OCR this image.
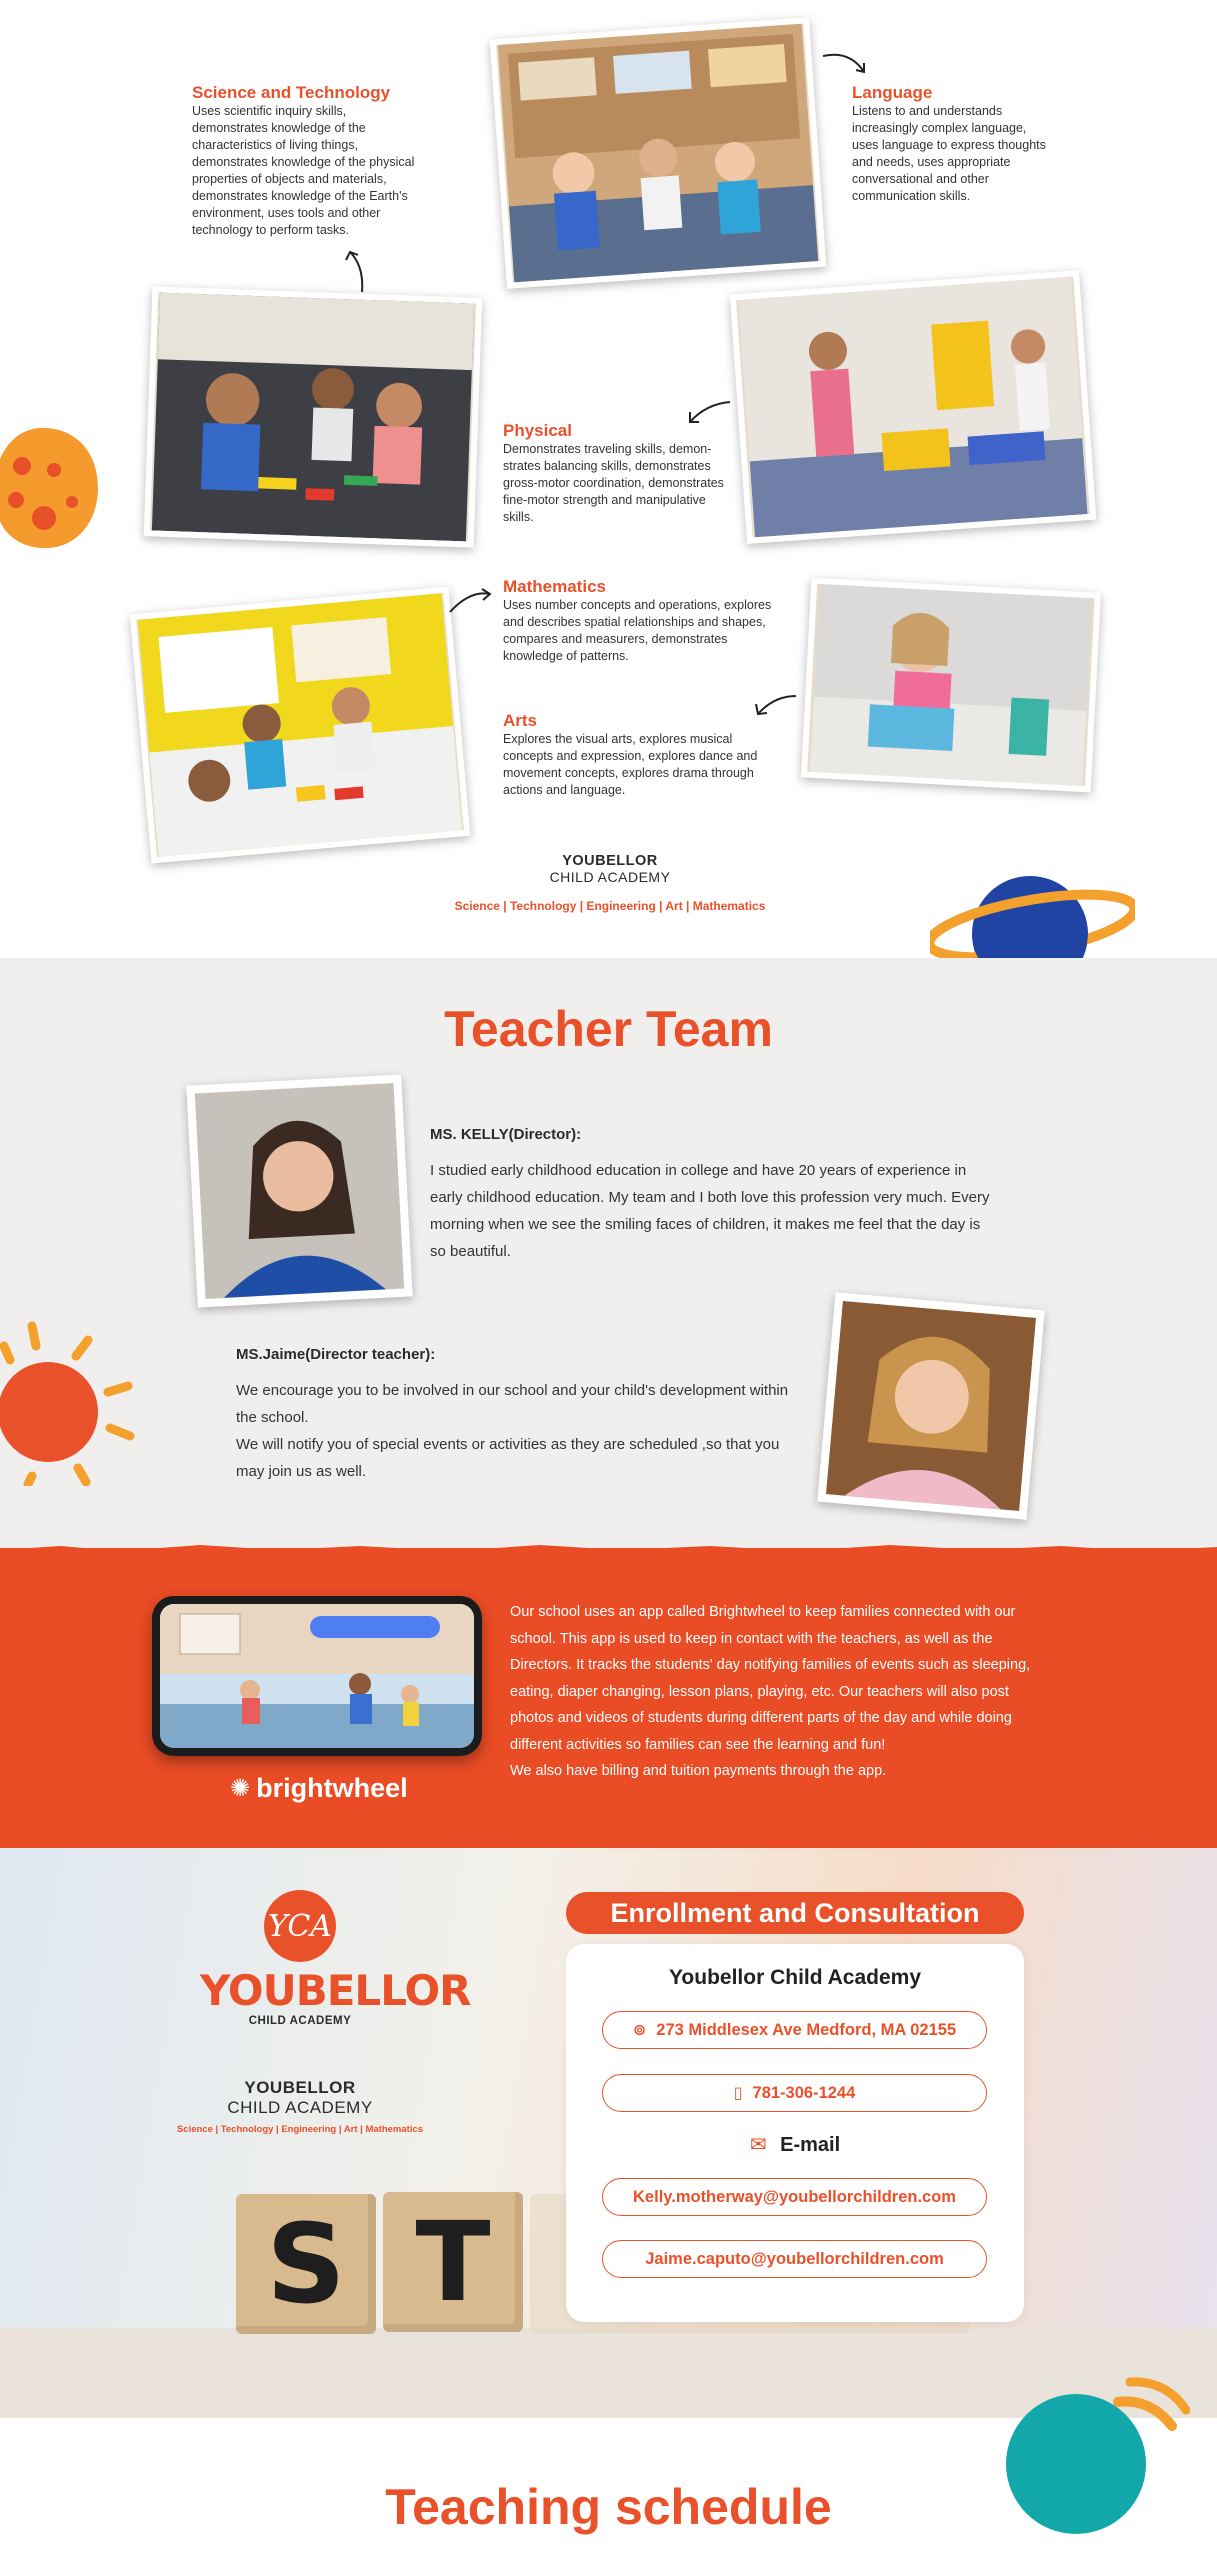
Science and Technology
Uses scientific inquiry skills, demonstrates knowledge of the characteristics of living things, demonstrates knowledge of the physical properties of objects and materials, demonstrates knowledge of the Earth's environment, uses tools and other technology to perform tasks.
Language
Listens to and understands increasingly complex language, uses language to express thoughts and needs, uses appropriate conversational and other communication skills.
Physical
Demonstrates traveling skills, demon-strates balancing skills, demonstrates gross-motor coordination, demonstrates fine-motor strength and manipulative skills.
Mathematics
Uses number concepts and operations, explores and describes spatial relationships and shapes, compares and measurers, demonstrates knowledge of patterns.
Arts
Explores the visual arts, explores musical concepts and expression, explores dance and movement concepts, explores drama through actions and language.
YOUBELLOR
CHILD ACADEMY
Science | Technology | Engineering | Art | Mathematics
Teacher Team
MS. KELLY(Director):
I studied early childhood education in college and have 20 years of experience in early childhood education. My team and I both love this profession very much. Every morning when we see the smiling faces of children, it makes me feel that the day is so beautiful.
MS.Jaime(Director teacher):
We encourage you to be involved in our school and your child's development within the school.
We will notify you of special events or activities as they are scheduled ,so that you may join us as well.
✺ brightwheel
Our school uses an app called Brightwheel to keep families connected with our school. This app is used to keep in contact with the teachers, as well as the Directors. It tracks the students' day notifying families of events such as sleeping, eating, diaper changing, lesson plans, playing, etc. Our teachers will also post photos and videos of students during different parts of the day and while doing different activities so families can see the learning and fun!
We also have billing and tuition payments through the app.
S T
YCA
YOUBELLOR
CHILD ACADEMY
YOUBELLOR
CHILD ACADEMY
Science | Technology | Engineering | Art | Mathematics
Enrollment and Consultation
Youbellor Child Academy
⊚ 273 Middlesex Ave Medford, MA 02155
▯ 781-306-1244
✉ E-mail
Kelly.motherway@youbellorchildren.com
Jaime.caputo@youbellorchildren.com
Teaching schedule
